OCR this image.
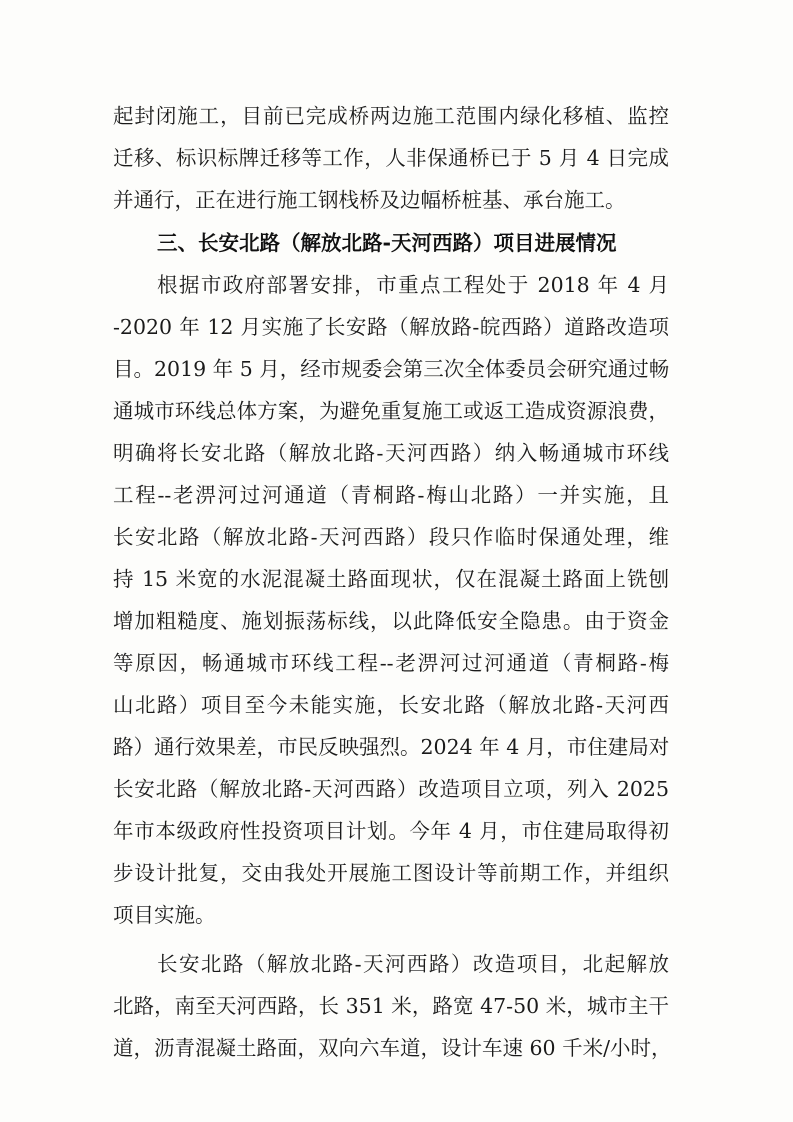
起封闭施工，目前已完成桥两边施工范围内绿化移植、监控
迁移、标识标牌迁移等工作，人非保通桥已于 5 月 4 日完成
并通行，正在进行施工钢栈桥及边幅桥桩基、承台施工。
三、长安北路（解放北路-天河西路）项目进展情况
根据市政府部署安排，市重点工程处于 2018 年 4 月
-2020 年 12 月实施了长安路（解放路-皖西路）道路改造项
目。2019 年 5 月，经市规委会第三次全体委员会研究通过畅
通城市环线总体方案，为避免重复施工或返工造成资源浪费，
明确将长安北路（解放北路-天河西路）纳入畅通城市环线
工程--老淠河过河通道（青桐路-梅山北路）一并实施，且
长安北路（解放北路-天河西路）段只作临时保通处理，维
持 15 米宽的水泥混凝土路面现状，仅在混凝土路面上铣刨
增加粗糙度、施划振荡标线，以此降低安全隐患。由于资金
等原因，畅通城市环线工程--老淠河过河通道（青桐路-梅
山北路）项目至今未能实施，长安北路（解放北路-天河西
路）通行效果差，市民反映强烈。2024 年 4 月，市住建局对
长安北路（解放北路-天河西路）改造项目立项，列入 2025
年市本级政府性投资项目计划。今年 4 月，市住建局取得初
步设计批复，交由我处开展施工图设计等前期工作，并组织
项目实施。
长安北路（解放北路-天河西路）改造项目，北起解放
北路，南至天河西路，长 351 米，路宽 47-50 米，城市主干
道，沥青混凝土路面，双向六车道，设计车速 60 千米/小时，
